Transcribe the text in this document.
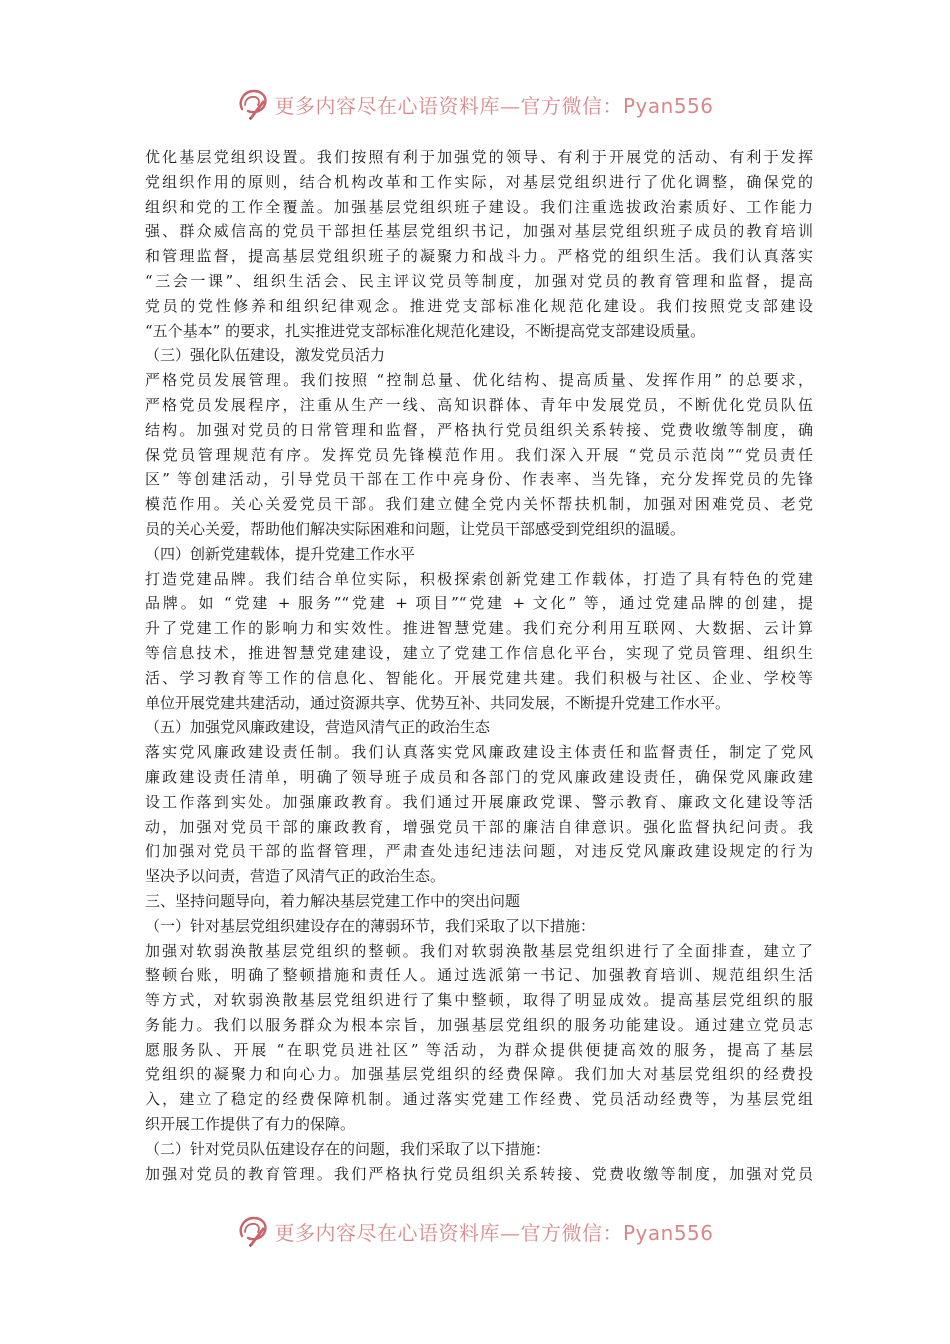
更多内容尽在心语资料库—官方微信：Pyan556
优化基层党组织设置。我们按照有利于加强党的领导、有利于开展党的活动、有利于发挥
党组织作用的原则，结合机构改革和工作实际，对基层党组织进行了优化调整，确保党的
组织和党的工作全覆盖。加强基层党组织班子建设。我们注重选拔政治素质好、工作能力
强、群众威信高的党员干部担任基层党组织书记，加强对基层党组织班子成员的教育培训
和管理监督，提高基层党组织班子的凝聚力和战斗力。严格党的组织生活。我们认真落实
“三会一课”、组织生活会、民主评议党员等制度，加强对党员的教育管理和监督，提高
党员的党性修养和组织纪律观念。推进党支部标准化规范化建设。我们按照党支部建设
“五个基本” 的要求，扎实推进党支部标准化规范化建设，不断提高党支部建设质量。
（三）强化队伍建设，激发党员活力
严格党员发展管理。我们按照 “控制总量、优化结构、提高质量、发挥作用” 的总要求，
严格党员发展程序，注重从生产一线、高知识群体、青年中发展党员，不断优化党员队伍
结构。加强对党员的日常管理和监督，严格执行党员组织关系转接、党费收缴等制度，确
保党员管理规范有序。发挥党员先锋模范作用。我们深入开展 “党员示范岗”“党员责任
区” 等创建活动，引导党员干部在工作中亮身份、作表率、当先锋，充分发挥党员的先锋
模范作用。关心关爱党员干部。我们建立健全党内关怀帮扶机制，加强对困难党员、老党
员的关心关爱，帮助他们解决实际困难和问题，让党员干部感受到党组织的温暖。
（四）创新党建载体，提升党建工作水平
打造党建品牌。我们结合单位实际，积极探索创新党建工作载体，打造了具有特色的党建
品牌。如 “党建 + 服务”“党建 + 项目”“党建 + 文化” 等，通过党建品牌的创建，提
升了党建工作的影响力和实效性。推进智慧党建。我们充分利用互联网、大数据、云计算
等信息技术，推进智慧党建建设，建立了党建工作信息化平台，实现了党员管理、组织生
活、学习教育等工作的信息化、智能化。开展党建共建。我们积极与社区、企业、学校等
单位开展党建共建活动，通过资源共享、优势互补、共同发展，不断提升党建工作水平。
（五）加强党风廉政建设，营造风清气正的政治生态
落实党风廉政建设责任制。我们认真落实党风廉政建设主体责任和监督责任，制定了党风
廉政建设责任清单，明确了领导班子成员和各部门的党风廉政建设责任，确保党风廉政建
设工作落到实处。加强廉政教育。我们通过开展廉政党课、警示教育、廉政文化建设等活
动，加强对党员干部的廉政教育，增强党员干部的廉洁自律意识。强化监督执纪问责。我
们加强对党员干部的监督管理，严肃查处违纪违法问题，对违反党风廉政建设规定的行为
坚决予以问责，营造了风清气正的政治生态。
三、坚持问题导向，着力解决基层党建工作中的突出问题
（一）针对基层党组织建设存在的薄弱环节，我们采取了以下措施：
加强对软弱涣散基层党组织的整顿。我们对软弱涣散基层党组织进行了全面排查，建立了
整顿台账，明确了整顿措施和责任人。通过选派第一书记、加强教育培训、规范组织生活
等方式，对软弱涣散基层党组织进行了集中整顿，取得了明显成效。提高基层党组织的服
务能力。我们以服务群众为根本宗旨，加强基层党组织的服务功能建设。通过建立党员志
愿服务队、开展 “在职党员进社区” 等活动，为群众提供便捷高效的服务，提高了基层
党组织的凝聚力和向心力。加强基层党组织的经费保障。我们加大对基层党组织的经费投
入，建立了稳定的经费保障机制。通过落实党建工作经费、党员活动经费等，为基层党组
织开展工作提供了有力的保障。
（二）针对党员队伍建设存在的问题，我们采取了以下措施：
加强对党员的教育管理。我们严格执行党员组织关系转接、党费收缴等制度，加强对党员
更多内容尽在心语资料库—官方微信：Pyan556
